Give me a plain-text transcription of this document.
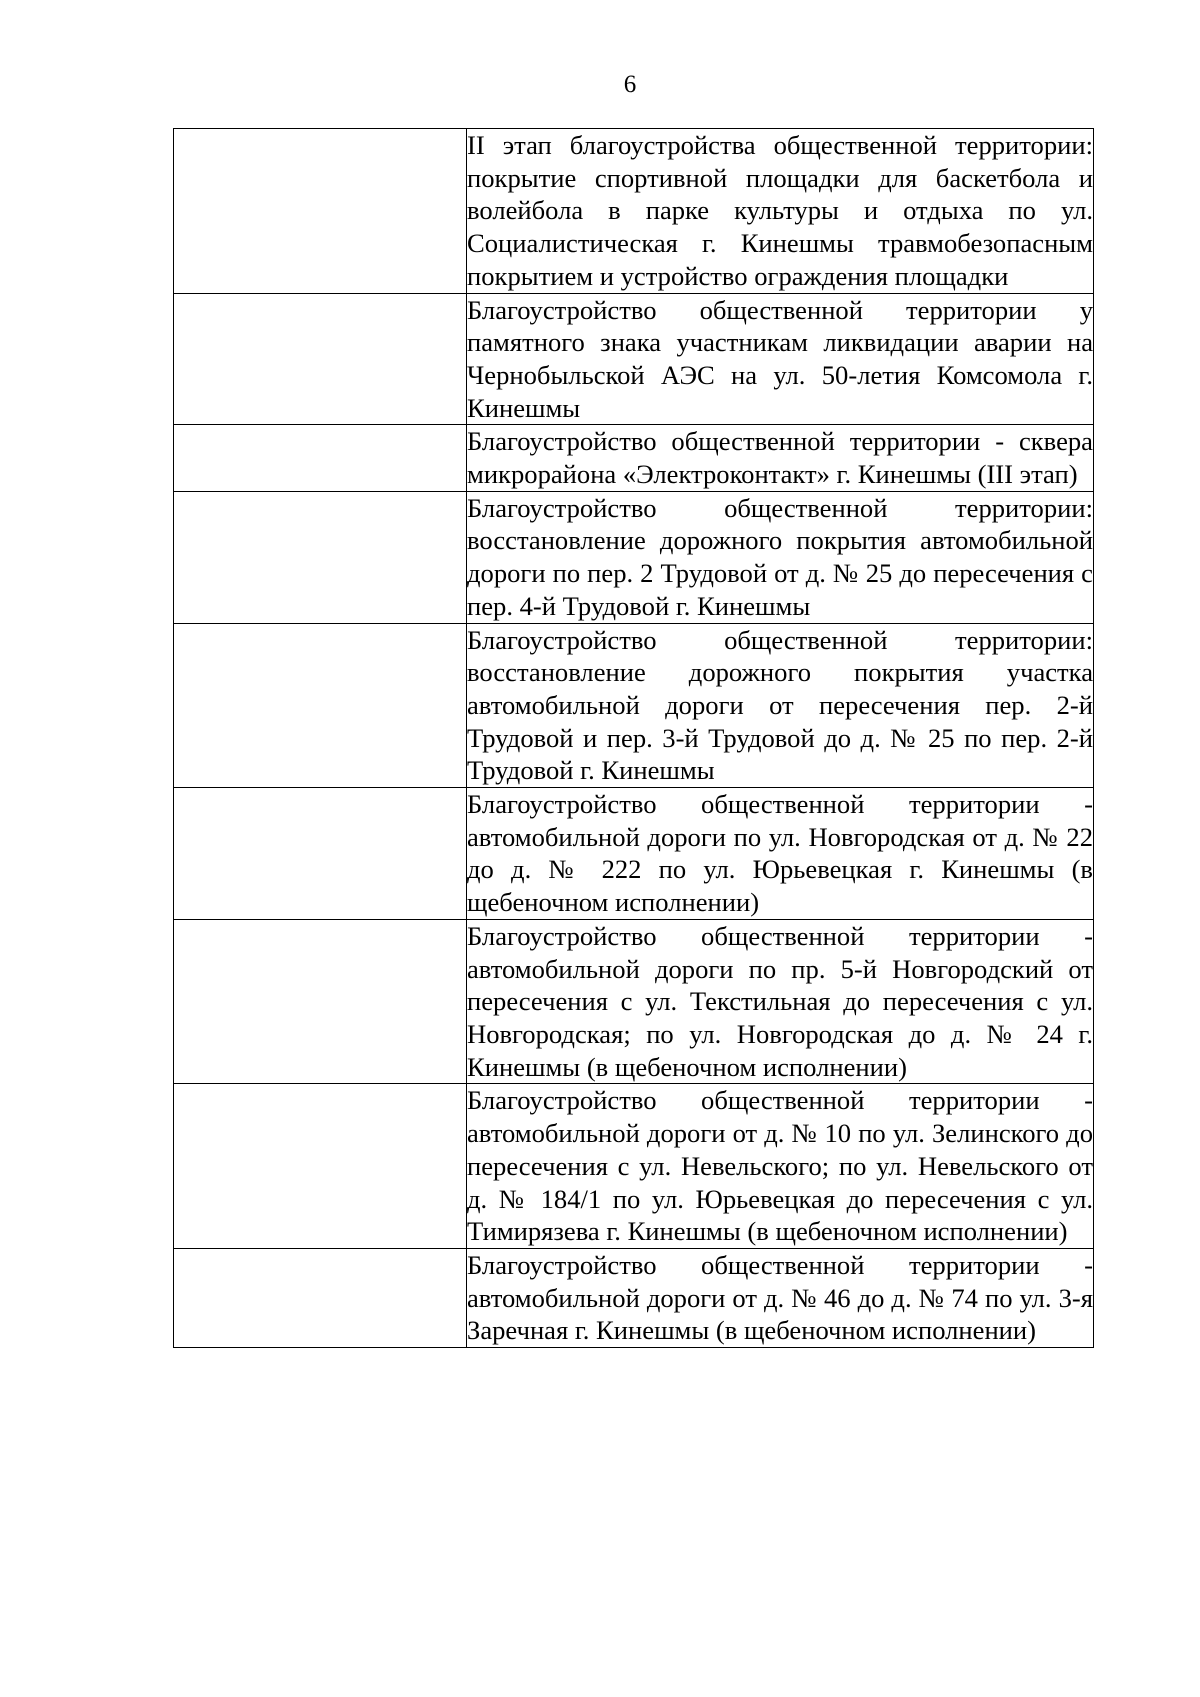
6

	II этап благоустройства общественной территории: покрытие спортивной площадки для баскетбола и волейбола в парке культуры и отдыха по ул. Социалистическая г. Кинешмы травмобезопасным покрытием и устройство ограждения площадки

	Благоустройство общественной территории у памятного знака участникам ликвидации аварии на Чернобыльской АЭС на ул. 50-летия Комсомола г. Кинешмы

	Благоустройство общественной территории - сквера микрорайона «Электроконтакт» г. Кинешмы (III этап)

	Благоустройство общественной территории: восстановление дорожного покрытия автомобильной дороги по пер. 2 Трудовой от д. № 25 до пересечения с пер. 4-й Трудовой г. Кинешмы

	Благоустройство общественной территории: восстановление дорожного покрытия участка автомобильной дороги от пересечения пер. 2-й Трудовой и пер. 3-й Трудовой до д. № 25 по пер. 2-й Трудовой г. Кинешмы

	Благоустройство общественной территории - автомобильной дороги по ул. Новгородская от д. № 22 до д. № 222 по ул. Юрьевецкая г. Кинешмы (в щебеночном исполнении)

	Благоустройство общественной территории - автомобильной дороги по пр. 5-й Новгородский от пересечения с ул. Текстильная до пересечения с ул. Новгородская; по ул. Новгородская до д. № 24 г. Кинешмы (в щебеночном исполнении)

	Благоустройство общественной территории - автомобильной дороги от д. № 10 по ул. Зелинского до пересечения с ул. Невельского; по ул. Невельского от д. № 184/1 по ул. Юрьевецкая до пересечения с ул. Тимирязева г. Кинешмы (в щебеночном исполнении)

	Благоустройство общественной территории - автомобильной дороги от д. № 46 до д. № 74 по ул. 3-я Заречная г. Кинешмы (в щебеночном исполнении)
